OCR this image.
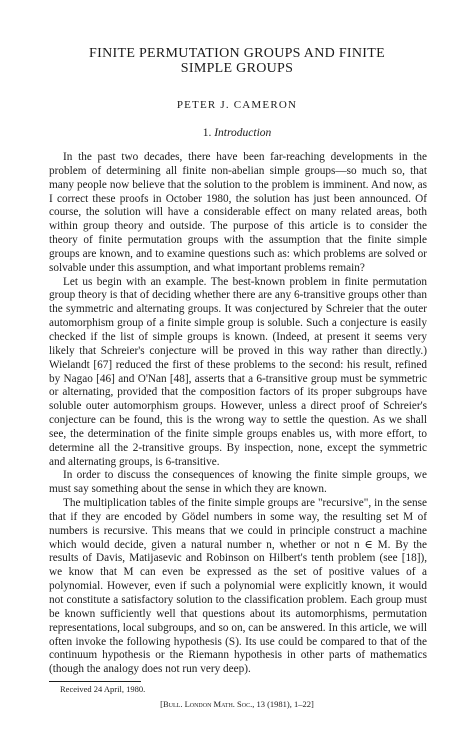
FINITE PERMUTATION GROUPS AND FINITE
SIMPLE GROUPS
PETER J. CAMERON
1. Introduction

In the past two decades, there have been far-reaching developments in the problem of determining all finite non-abelian simple groups—so much so, that many people now believe that the solution to the problem is imminent. And now, as I correct these proofs in October 1980, the solution has just been announced. Of course, the solution will have a considerable effect on many related areas, both within group theory and outside. The purpose of this article is to consider the theory of finite permutation groups with the assumption that the finite simple groups are known, and to examine questions such as: which problems are solved or solvable under this assumption, and what important problems remain?

Let us begin with an example. The best-known problem in finite permutation group theory is that of deciding whether there are any 6-transitive groups other than the symmetric and alternating groups. It was conjectured by Schreier that the outer automorphism group of a finite simple group is soluble. Such a conjecture is easily checked if the list of simple groups is known. (Indeed, at present it seems very likely that Schreier's conjecture will be proved in this way rather than directly.) Wielandt [67] reduced the first of these problems to the second: his result, refined by Nagao [46] and O'Nan [48], asserts that a 6-transitive group must be symmetric or alternating, provided that the composition factors of its proper subgroups have soluble outer automorphism groups. However, unless a direct proof of Schreier's conjecture can be found, this is the wrong way to settle the question. As we shall see, the determination of the finite simple groups enables us, with more effort, to determine all the 2-transitive groups. By inspection, none, except the symmetric and alternating groups, is 6-transitive.

In order to discuss the consequences of knowing the finite simple groups, we must say something about the sense in which they are known.

The multiplication tables of the finite simple groups are "recursive", in the sense that if they are encoded by Gödel numbers in some way, the resulting set M of numbers is recursive. This means that we could in principle construct a machine which would decide, given a natural number n, whether or not n ∈ M. By the results of Davis, Matijasevic and Robinson on Hilbert's tenth problem (see [18]), we know that M can even be expressed as the set of positive values of a polynomial. However, even if such a polynomial were explicitly known, it would not constitute a satisfactory solution to the classification problem. Each group must be known sufficiently well that questions about its automorphisms, permutation representations, local subgroups, and so on, can be answered. In this article, we will often invoke the following hypothesis (S). Its use could be compared to that of the continuum hypothesis or the Riemann hypothesis in other parts of mathematics (though the analogy does not run very deep).

Received 24 April, 1980.
[Bull. London Math. Soc., 13 (1981), 1–22]
